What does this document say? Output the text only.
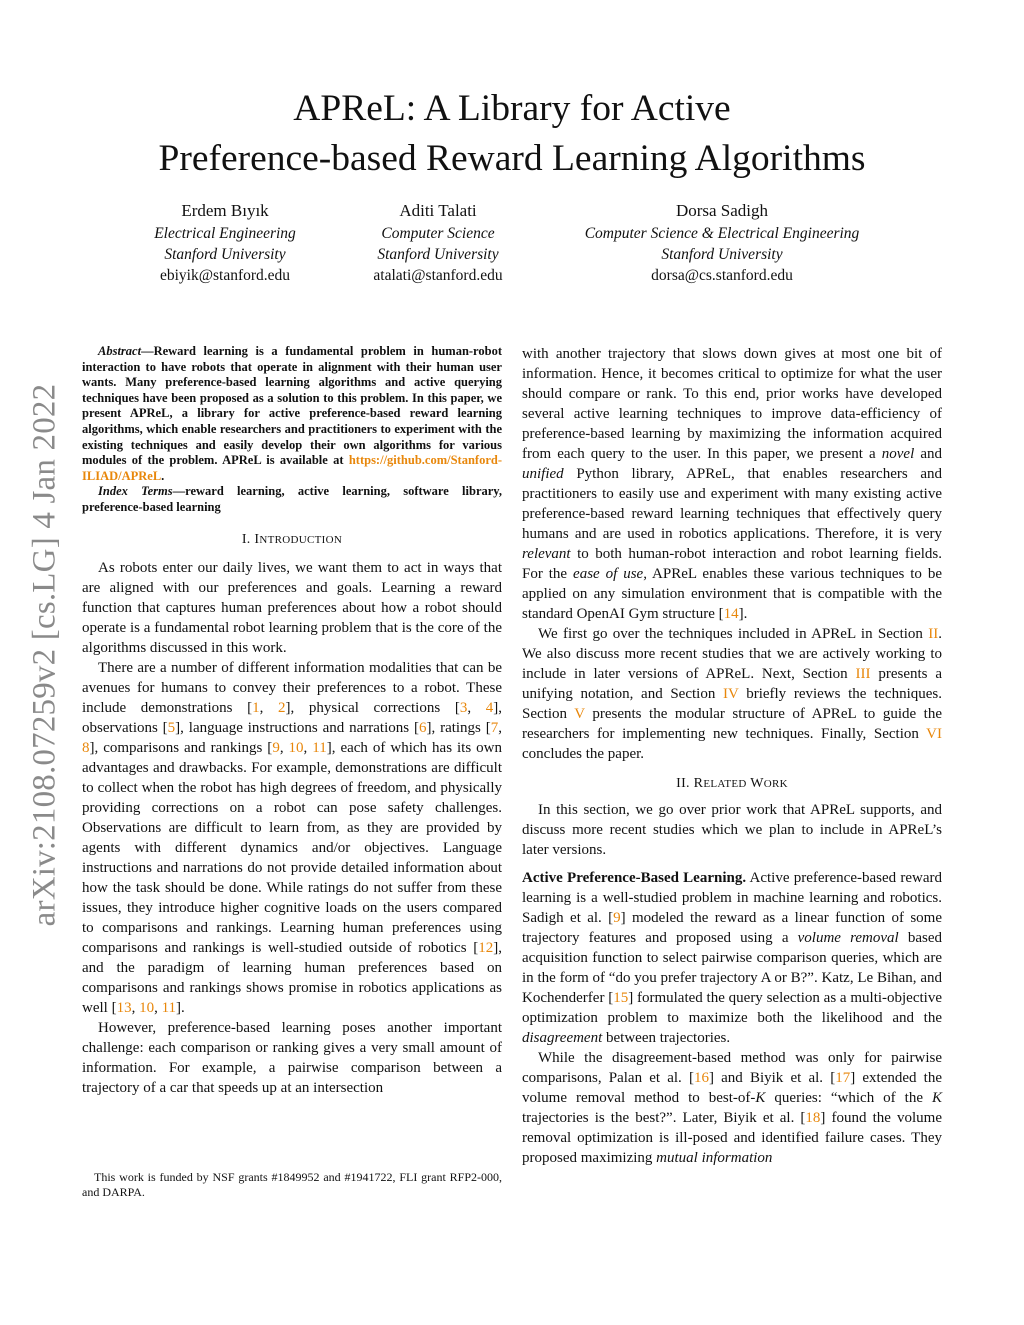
arXiv:2108.07259v2 [cs.LG] 4 Jan 2022
APReL: A Library for Active
Preference-based Reward Learning Algorithms
Erdem Bıyık
Electrical Engineering
Stanford University
ebiyik@stanford.edu
Aditi Talati
Computer Science
Stanford University
atalati@stanford.edu
Dorsa Sadigh
Computer Science & Electrical Engineering
Stanford University
dorsa@cs.stanford.edu

Abstract—Reward learning is a fundamental problem in human-robot interaction to have robots that operate in alignment with their human user wants. Many preference-based learning algorithms and active querying techniques have been proposed as a solution to this problem. In this paper, we present APReL, a library for active preference-based reward learning algorithms, which enable researchers and practitioners to experiment with the existing techniques and easily develop their own algorithms for various modules of the problem. APReL is available at https://github.com/Stanford-ILIAD/APReL.

Index Terms—reward learning, active learning, software library, preference-based learning

I. INTRODUCTION

As robots enter our daily lives, we want them to act in ways that are aligned with our preferences and goals. Learning a reward function that captures human preferences about how a robot should operate is a fundamental robot learning problem that is the core of the algorithms discussed in this work.

There are a number of different information modalities that can be avenues for humans to convey their preferences to a robot. These include demonstrations [1, 2], physical corrections [3, 4], observations [5], language instructions and narrations [6], ratings [7, 8], comparisons and rankings [9, 10, 11], each of which has its own advantages and drawbacks. For example, demonstrations are difficult to collect when the robot has high degrees of freedom, and physically providing corrections on a robot can pose safety challenges. Observations are difficult to learn from, as they are provided by agents with different dynamics and/or objectives. Language instructions and narrations do not provide detailed information about how the task should be done. While ratings do not suffer from these issues, they introduce higher cognitive loads on the users compared to comparisons and rankings. Learning human preferences using comparisons and rankings is well-studied outside of robotics [12], and the paradigm of learning human preferences based on comparisons and rankings shows promise in robotics applications as well [13, 10, 11].

However, preference-based learning poses another important challenge: each comparison or ranking gives a very small amount of information. For example, a pairwise comparison between a trajectory of a car that speeds up at an intersection

This work is funded by NSF grants #1849952 and #1941722, FLI grant RFP2-000, and DARPA.

with another trajectory that slows down gives at most one bit of information. Hence, it becomes critical to optimize for what the user should compare or rank. To this end, prior works have developed several active learning techniques to improve data-efficiency of preference-based learning by maximizing the information acquired from each query to the user. In this paper, we present a novel and unified Python library, APReL, that enables researchers and practitioners to easily use and experiment with many existing active preference-based reward learning techniques that effectively query humans and are used in robotics applications. Therefore, it is very relevant to both human-robot interaction and robot learning fields. For the ease of use, APReL enables these various techniques to be applied on any simulation environment that is compatible with the standard OpenAI Gym structure [14].

We first go over the techniques included in APReL in Section II. We also discuss more recent studies that we are actively working to include in later versions of APReL. Next, Section III presents a unifying notation, and Section IV briefly reviews the techniques. Section V presents the modular structure of APReL to guide the researchers for implementing new techniques. Finally, Section VI concludes the paper.

II. RELATED WORK

In this section, we go over prior work that APReL supports, and discuss more recent studies which we plan to include in APReL’s later versions.

Active Preference-Based Learning. Active preference-based reward learning is a well-studied problem in machine learning and robotics. Sadigh et al. [9] modeled the reward as a linear function of some trajectory features and proposed using a volume removal based acquisition function to select pairwise comparison queries, which are in the form of “do you prefer trajectory A or B?”. Katz, Le Bihan, and Kochenderfer [15] formulated the query selection as a multi-objective optimization problem to maximize both the likelihood and the disagreement between trajectories.

While the disagreement-based method was only for pairwise comparisons, Palan et al. [16] and Biyik et al. [17] extended the volume removal method to best-of-K queries: “which of the K trajectories is the best?”. Later, Biyik et al. [18] found the volume removal optimization is ill-posed and identified failure cases. They proposed maximizing mutual information
